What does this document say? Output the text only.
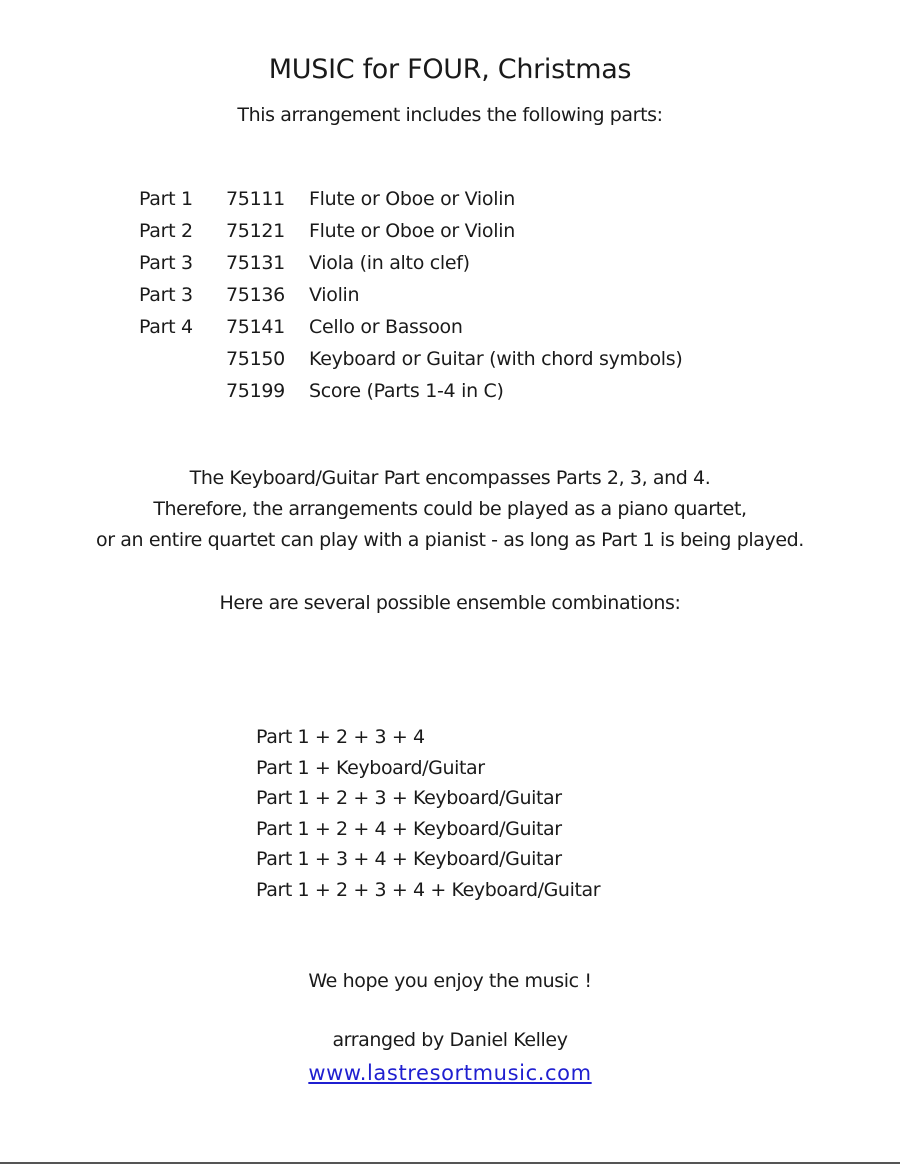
MUSIC for FOUR, Christmas
This arrangement includes the following parts:
Part 1 75111 Flute or Oboe or Violin
Part 2 75121 Flute or Oboe or Violin
Part 3 75131 Viola (in alto clef)
Part 3 75136 Violin
Part 4 75141 Cello or Bassoon
75150 Keyboard or Guitar (with chord symbols)
75199 Score (Parts 1-4 in C)
The Keyboard/Guitar Part encompasses Parts 2, 3, and 4.
Therefore, the arrangements could be played as a piano quartet,
or an entire quartet can play with a pianist - as long as Part 1 is being played.
Here are several possible ensemble combinations:
Part 1 + 2 + 3 + 4
Part 1 + Keyboard/Guitar
Part 1 + 2 + 3 + Keyboard/Guitar
Part 1 + 2 + 4 + Keyboard/Guitar
Part 1 + 3 + 4 + Keyboard/Guitar
Part 1 + 2 + 3 + 4 + Keyboard/Guitar
We hope you enjoy the music !
arranged by Daniel Kelley
www.lastresortmusic.com
